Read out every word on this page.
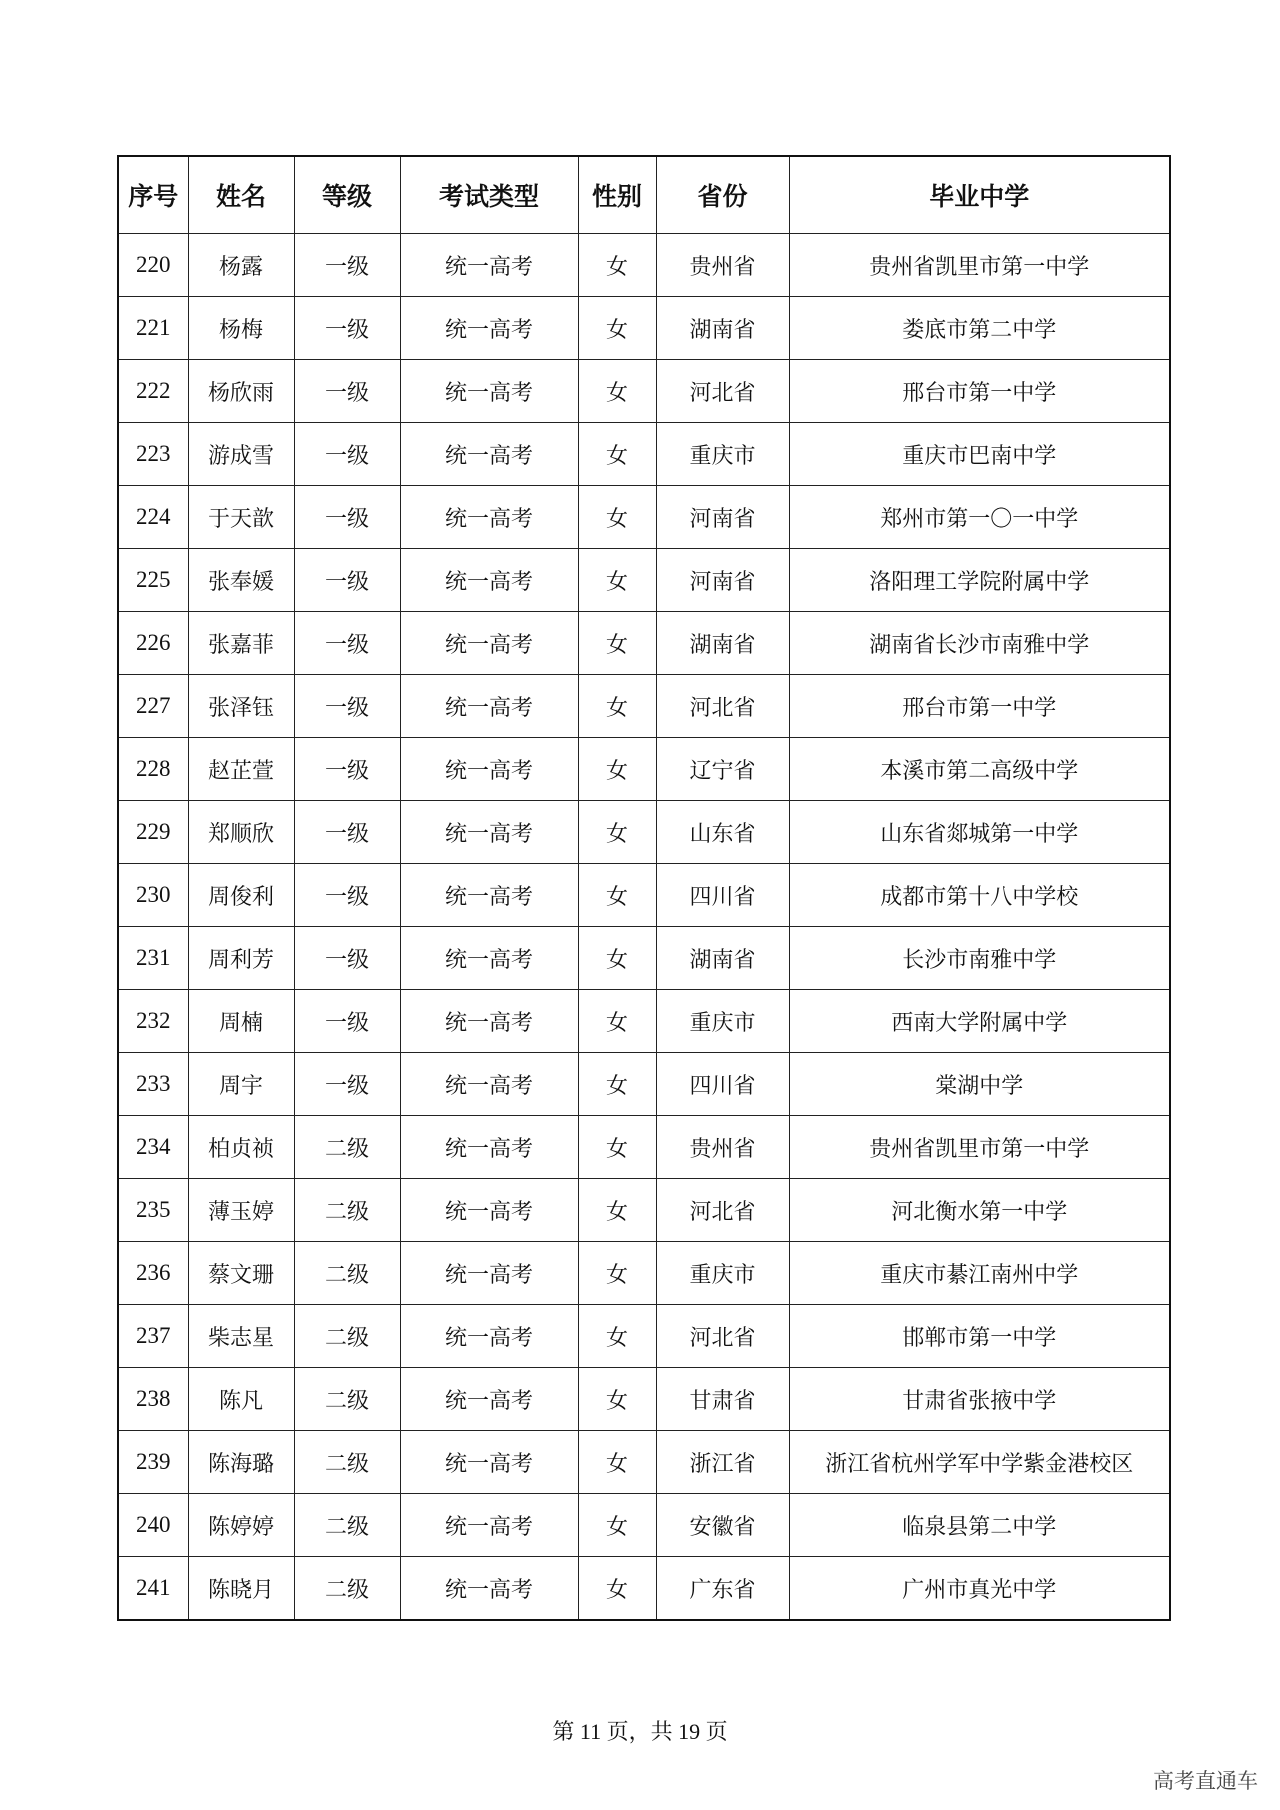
序号	姓名	等级	考试类型	性别	省份	毕业中学
220	杨露	一级	统一高考	女	贵州省	贵州省凯里市第一中学
221	杨梅	一级	统一高考	女	湖南省	娄底市第二中学
222	杨欣雨	一级	统一高考	女	河北省	邢台市第一中学
223	游成雪	一级	统一高考	女	重庆市	重庆市巴南中学
224	于天歆	一级	统一高考	女	河南省	郑州市第一〇一中学
225	张奉媛	一级	统一高考	女	河南省	洛阳理工学院附属中学
226	张嘉菲	一级	统一高考	女	湖南省	湖南省长沙市南雅中学
227	张泽钰	一级	统一高考	女	河北省	邢台市第一中学
228	赵芷萱	一级	统一高考	女	辽宁省	本溪市第二高级中学
229	郑顺欣	一级	统一高考	女	山东省	山东省郯城第一中学
230	周俊利	一级	统一高考	女	四川省	成都市第十八中学校
231	周利芳	一级	统一高考	女	湖南省	长沙市南雅中学
232	周楠	一级	统一高考	女	重庆市	西南大学附属中学
233	周宇	一级	统一高考	女	四川省	棠湖中学
234	柏贞祯	二级	统一高考	女	贵州省	贵州省凯里市第一中学
235	薄玉婷	二级	统一高考	女	河北省	河北衡水第一中学
236	蔡文珊	二级	统一高考	女	重庆市	重庆市綦江南州中学
237	柴志星	二级	统一高考	女	河北省	邯郸市第一中学
238	陈凡	二级	统一高考	女	甘肃省	甘肃省张掖中学
239	陈海璐	二级	统一高考	女	浙江省	浙江省杭州学军中学紫金港校区
240	陈婷婷	二级	统一高考	女	安徽省	临泉县第二中学
241	陈晓月	二级	统一高考	女	广东省	广州市真光中学
第 11 页，共 19 页
高考直通车
